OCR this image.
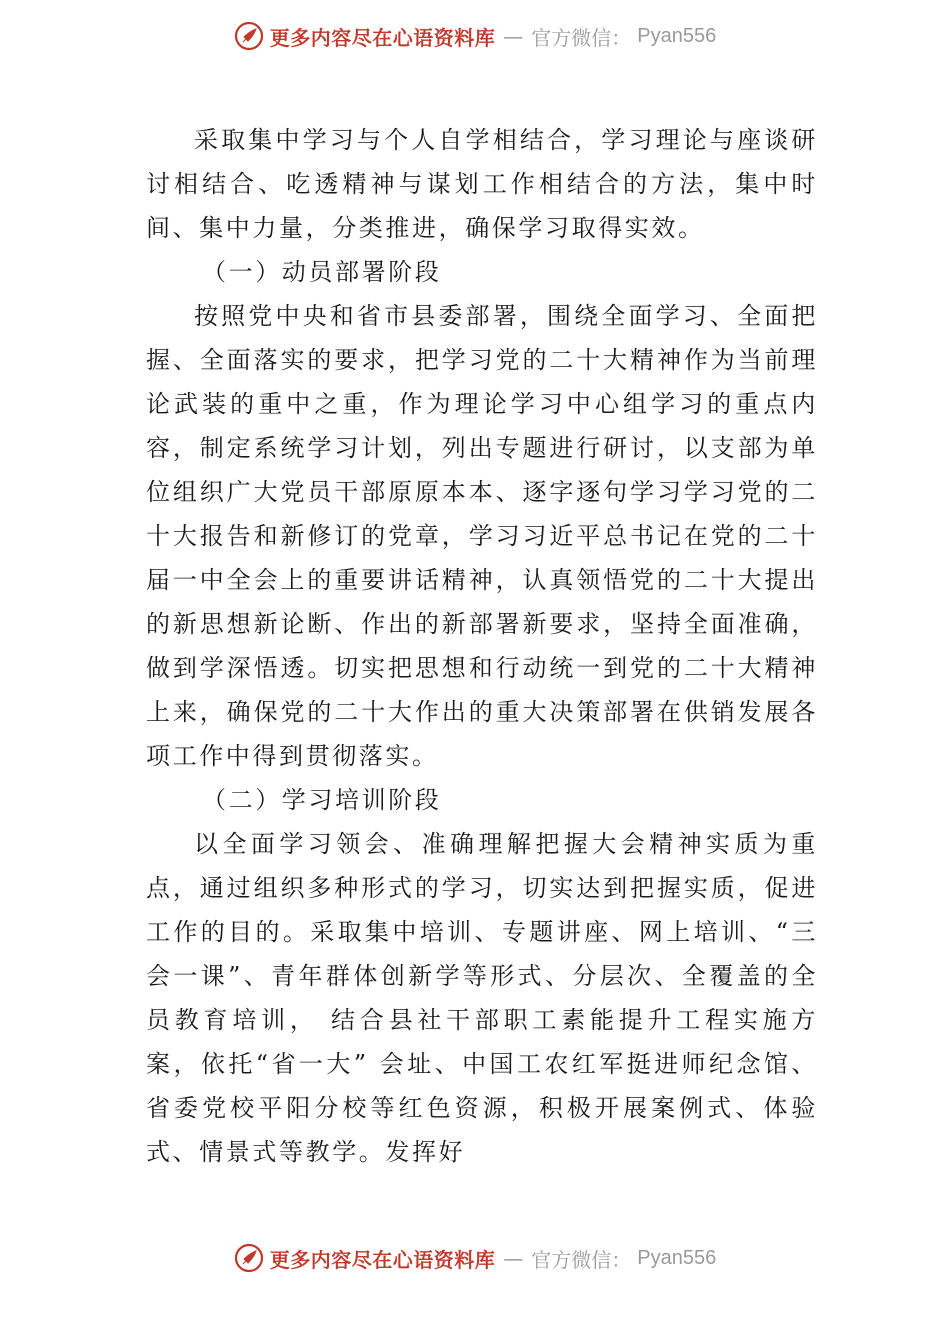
更多内容尽在心语资料库 — 官方微信： Pyan556

采取集中学习与个人自学相结合，学习理论与座谈研讨相结合、吃透精神与谋划工作相结合的方法，集中时间、集中力量，分类推进，确保学习取得实效。

（一）动员部署阶段

按照党中央和省市县委部署，围绕全面学习、全面把握、全面落实的要求，把学习党的二十大精神作为当前理论武装的重中之重，作为理论学习中心组学习的重点内容，制定系统学习计划，列出专题进行研讨，以支部为单位组织广大党员干部原原本本、逐字逐句学习学习党的二十大报告和新修订的党章，学习习近平总书记在党的二十届一中全会上的重要讲话精神，认真领悟党的二十大提出的新思想新论断、作出的新部署新要求，坚持全面准确，做到学深悟透。切实把思想和行动统一到党的二十大精神上来，确保党的二十大作出的重大决策部署在供销发展各项工作中得到贯彻落实。

（二）学习培训阶段

以全面学习领会、准确理解把握大会精神实质为重点，通过组织多种形式的学习，切实达到把握实质，促进工作的目的。采取集中培训、专题讲座、网上培训、“三会一课”、青年群体创新学等形式、分层次、全覆盖的全员教育培训， 结合县社干部职工素能提升工程实施方案，依托“省一大” 会址、中国工农红军挺进师纪念馆、省委党校平阳分校等红色资源，积极开展案例式、体验式、情景式等教学。发挥好

更多内容尽在心语资料库 — 官方微信： Pyan556
